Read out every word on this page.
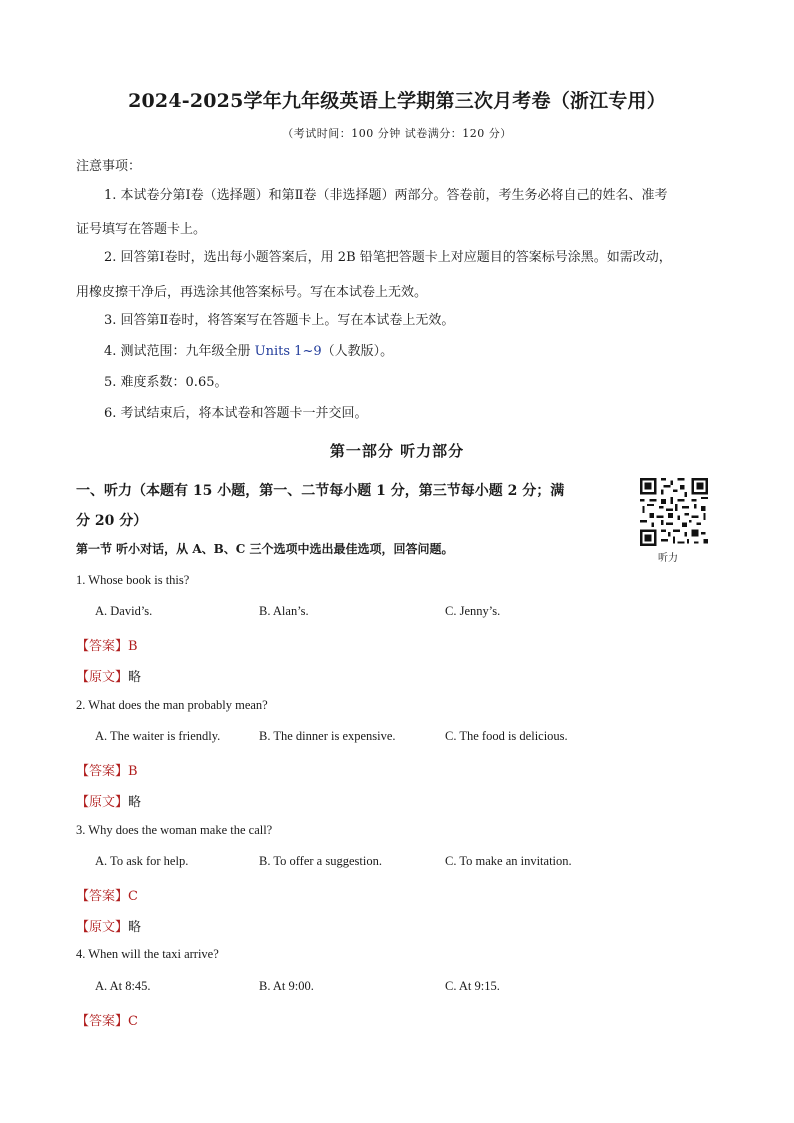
2024-2025学年九年级英语上学期第三次月考卷（浙江专用）
（考试时间：100 分钟 试卷满分：120 分）
注意事项：
1. 本试卷分第Ⅰ卷（选择题）和第Ⅱ卷（非选择题）两部分。答卷前，考生务必将自己的姓名、准考
证号填写在答题卡上。
2. 回答第Ⅰ卷时，选出每小题答案后，用 2B 铅笔把答题卡上对应题目的答案标号涂黑。如需改动，
用橡皮擦干净后，再选涂其他答案标号。写在本试卷上无效。
3. 回答第Ⅱ卷时，将答案写在答题卡上。写在本试卷上无效。
4. 测试范围：九年级全册 Units 1~9（人教版）。
5. 难度系数：0.65。
6. 考试结束后，将本试卷和答题卡一并交回。
第一部分 听力部分
一、听力（本题有 15 小题，第一、二节每小题 1 分，第三节每小题 2 分；满
分 20 分）
听力
第一节 听小对话，从 A、B、C 三个选项中选出最佳选项，回答问题。
1. Whose book is this?
A. David’s.	B. Alan’s.	C. Jenny’s.
【答案】B
【原文】略
2. What does the man probably mean?
A. The waiter is friendly.	B. The dinner is expensive.	C. The food is delicious.
【答案】B
【原文】略
3. Why does the woman make the call?
A. To ask for help.	B. To offer a suggestion.	C. To make an invitation.
【答案】C
【原文】略
4. When will the taxi arrive?
A. At 8:45.	B. At 9:00.	C. At 9:15.
【答案】C
